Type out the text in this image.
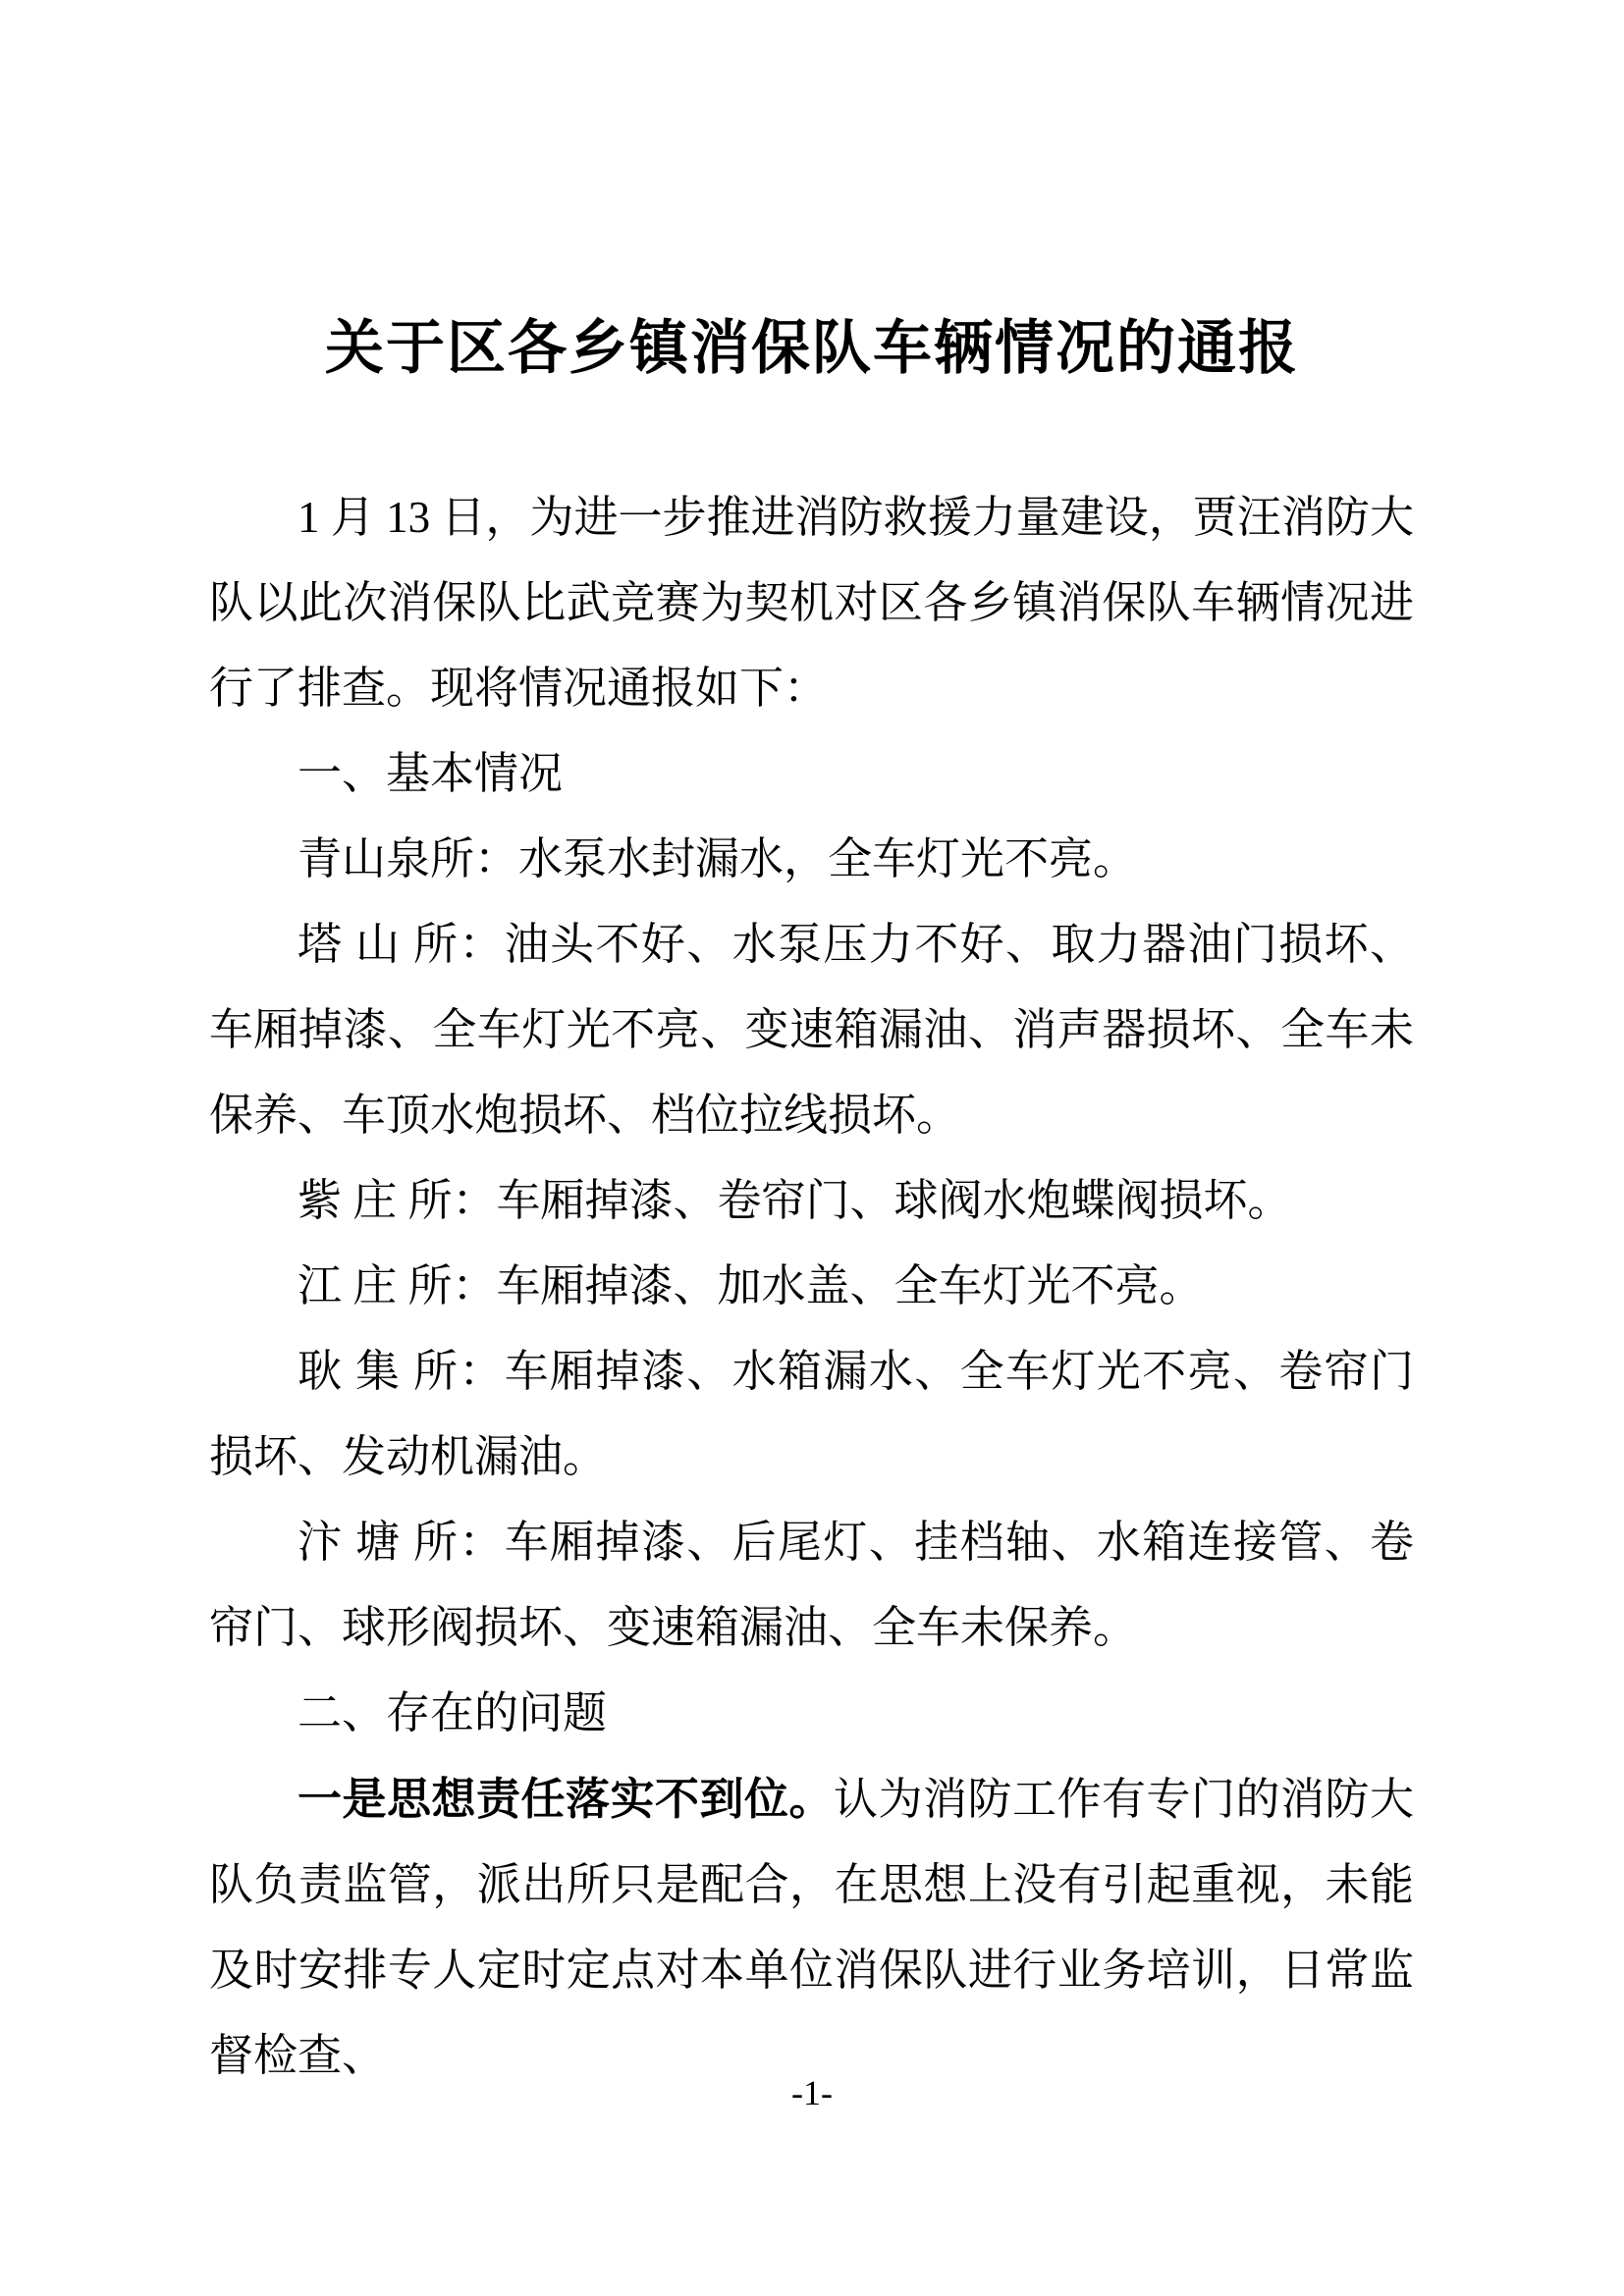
关于区各乡镇消保队车辆情况的通报

1 月 13 日，为进一步推进消防救援力量建设，贾汪消防大队以此次消保队比武竞赛为契机对区各乡镇消保队车辆情况进行了排查。现将情况通报如下：

一、基本情况

青山泉所：水泵水封漏水，全车灯光不亮。

塔 山 所：油头不好、水泵压力不好、取力器油门损坏、车厢掉漆、全车灯光不亮、变速箱漏油、消声器损坏、全车未保养、车顶水炮损坏、档位拉线损坏。

紫 庄 所：车厢掉漆、卷帘门、球阀水炮蝶阀损坏。

江 庄 所：车厢掉漆、加水盖、全车灯光不亮。

耿 集 所：车厢掉漆、水箱漏水、全车灯光不亮、卷帘门损坏、发动机漏油。

汴 塘 所：车厢掉漆、后尾灯、挂档轴、水箱连接管、卷帘门、球形阀损坏、变速箱漏油、全车未保养。

二、存在的问题

一是思想责任落实不到位。认为消防工作有专门的消防大队负责监管，派出所只是配合，在思想上没有引起重视，未能及时安排专人定时定点对本单位消保队进行业务培训，日常监督检查、

-1-
